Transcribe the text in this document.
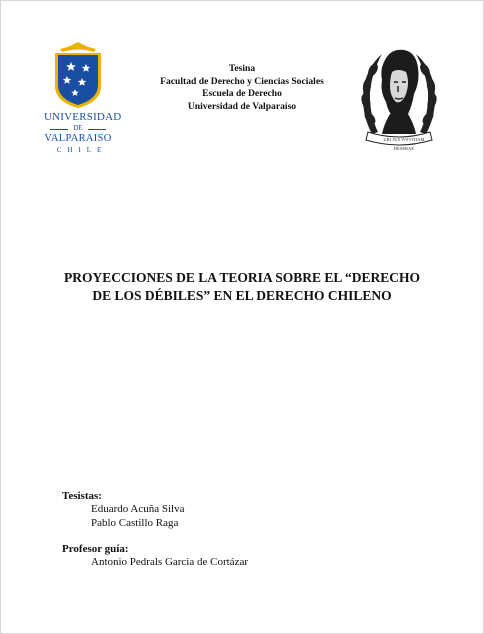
UNIVERSIDAD
DE
VALPARAISO
CHILE
Tesina
Facultad de Derecho y Ciencias Sociales
Escuela de Derecho
Universidad de Valparaíso
UBI JUS IVSTITIAM DESERAE
PROYECCIONES DE LA TEORIA SOBRE EL “DERECHO
DE LOS DÉBILES” EN EL DERECHO CHILENO
Tesistas:
Eduardo Acuña Silva
Pablo Castillo Raga
Profesor guía:
Antonio Pedrals Garcia de Cortázar
